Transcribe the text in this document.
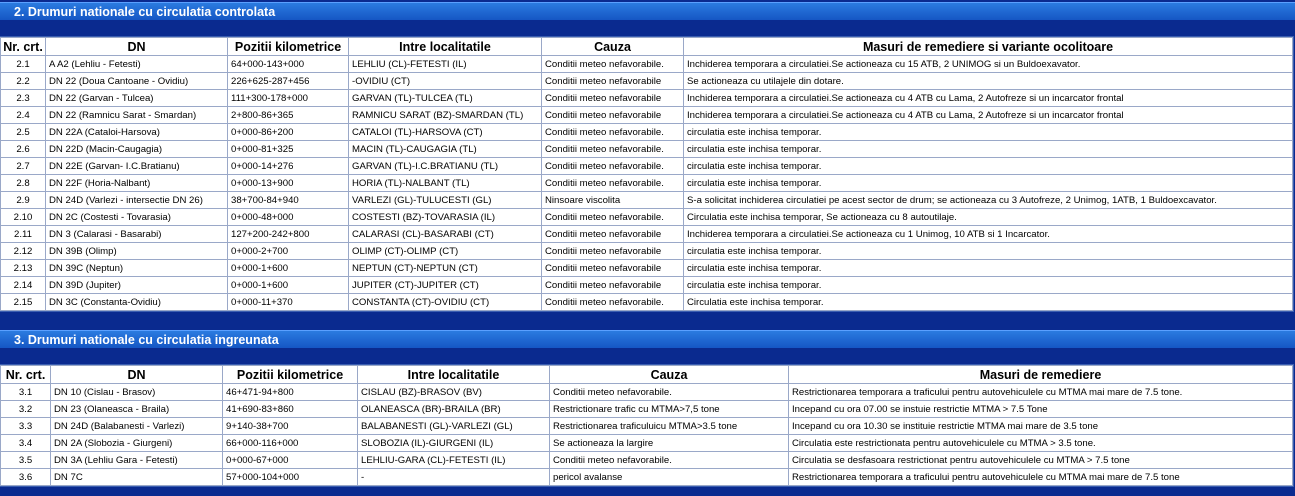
2. Drumuri nationale cu circulatia controlata
Nr. crt.	DN	Pozitii kilometrice	Intre localitatile	Cauza	Masuri de remediere si variante ocolitoare
2.1	A A2 (Lehliu - Fetesti)	64+000-143+000	LEHLIU (CL)-FETESTI (IL)	Conditii meteo nefavorabile.	Inchiderea temporara a circulatiei.Se actioneaza cu 15 ATB, 2 UNIMOG si un Buldoexavator.
2.2	DN 22 (Doua Cantoane - Ovidiu)	226+625-287+456	-OVIDIU (CT)	Conditii meteo nefavorabile	Se actioneaza cu utilajele din dotare.
2.3	DN 22 (Garvan - Tulcea)	111+300-178+000	GARVAN (TL)-TULCEA (TL)	Conditii meteo nefavorabile	Inchiderea temporara a circulatiei.Se actioneaza cu 4 ATB cu Lama, 2 Autofreze si un incarcator frontal
2.4	DN 22 (Ramnicu Sarat - Smardan)	2+800-86+365	RAMNICU SARAT (BZ)-SMARDAN (TL)	Conditii meteo nefavorabile	Inchiderea temporara a circulatiei.Se actioneaza cu 4 ATB cu Lama, 2 Autofreze si un incarcator frontal
2.5	DN 22A (Cataloi-Harsova)	0+000-86+200	CATALOI (TL)-HARSOVA (CT)	Conditii meteo nefavorabile.	circulatia este inchisa temporar.
2.6	DN 22D (Macin-Caugagia)	0+000-81+325	MACIN (TL)-CAUGAGIA (TL)	Conditii meteo nefavorabile.	circulatia este inchisa temporar.
2.7	DN 22E (Garvan- I.C.Bratianu)	0+000-14+276	GARVAN (TL)-I.C.BRATIANU (TL)	Conditii meteo nefavorabile.	circulatia este inchisa temporar.
2.8	DN 22F (Horia-Nalbant)	0+000-13+900	HORIA (TL)-NALBANT (TL)	Conditii meteo nefavorabile.	circulatia este inchisa temporar.
2.9	DN 24D (Varlezi - intersectie DN 26)	38+700-84+940	VARLEZI (GL)-TULUCESTI (GL)	Ninsoare viscolita	S-a solicitat inchiderea circulatiei pe acest sector de drum; se actioneaza cu 3 Autofreze, 2 Unimog, 1ATB, 1 Buldoexcavator.
2.10	DN 2C (Costesti - Tovarasia)	0+000-48+000	COSTESTI (BZ)-TOVARASIA (IL)	Conditii meteo nefavorabile.	Circulatia este inchisa temporar, Se actioneaza cu 8 autoutilaje.
2.11	DN 3 (Calarasi - Basarabi)	127+200-242+800	CALARASI (CL)-BASARABI (CT)	Conditii meteo nefavorabile	Inchiderea temporara a circulatiei.Se actioneaza cu 1 Unimog, 10 ATB si 1 Incarcator.
2.12	DN 39B (Olimp)	0+000-2+700	OLIMP (CT)-OLIMP (CT)	Conditii meteo nefavorabile	circulatia este inchisa temporar.
2.13	DN 39C (Neptun)	0+000-1+600	NEPTUN (CT)-NEPTUN (CT)	Conditii meteo nefavorabile	circulatia este inchisa temporar.
2.14	DN 39D (Jupiter)	0+000-1+600	JUPITER (CT)-JUPITER (CT)	Conditii meteo nefavorabile	circulatia este inchisa temporar.
2.15	DN 3C (Constanta-Ovidiu)	0+000-11+370	CONSTANTA (CT)-OVIDIU (CT)	Conditii meteo nefavorabile.	Circulatia este inchisa temporar.
3. Drumuri nationale cu circulatia ingreunata
Nr. crt.	DN	Pozitii kilometrice	Intre localitatile	Cauza	Masuri de remediere
3.1	DN 10 (Cislau - Brasov)	46+471-94+800	CISLAU (BZ)-BRASOV (BV)	Conditii meteo nefavorabile.	Restrictionarea temporara a traficului pentru autovehiculele cu MTMA mai mare de 7.5 tone.
3.2	DN 23 (Olaneasca - Braila)	41+690-83+860	OLANEASCA (BR)-BRAILA (BR)	Restrictionare trafic cu MTMA>7,5 tone	Incepand cu ora 07.00 se instuie restrictie MTMA > 7.5 Tone
3.3	DN 24D (Balabanesti - Varlezi)	9+140-38+700	BALABANESTI (GL)-VARLEZI (GL)	Restrictionarea traficuluicu MTMA>3.5 tone	Incepand cu ora 10.30 se instituie restrictie MTMA mai mare de 3.5 tone
3.4	DN 2A (Slobozia - Giurgeni)	66+000-116+000	SLOBOZIA (IL)-GIURGENI (IL)	Se actioneaza la largire	Circulatia este restrictionata pentru autovehiculele cu MTMA > 3.5 tone.
3.5	DN 3A (Lehliu Gara - Fetesti)	0+000-67+000	LEHLIU-GARA (CL)-FETESTI (IL)	Conditii meteo nefavorabile.	Circulatia se desfasoara restrictionat pentru autovehiculele cu MTMA > 7.5 tone
3.6	DN 7C	57+000-104+000	-	pericol avalanse	Restrictionarea temporara a traficului pentru autovehiculele cu MTMA mai mare de 7.5 tone
